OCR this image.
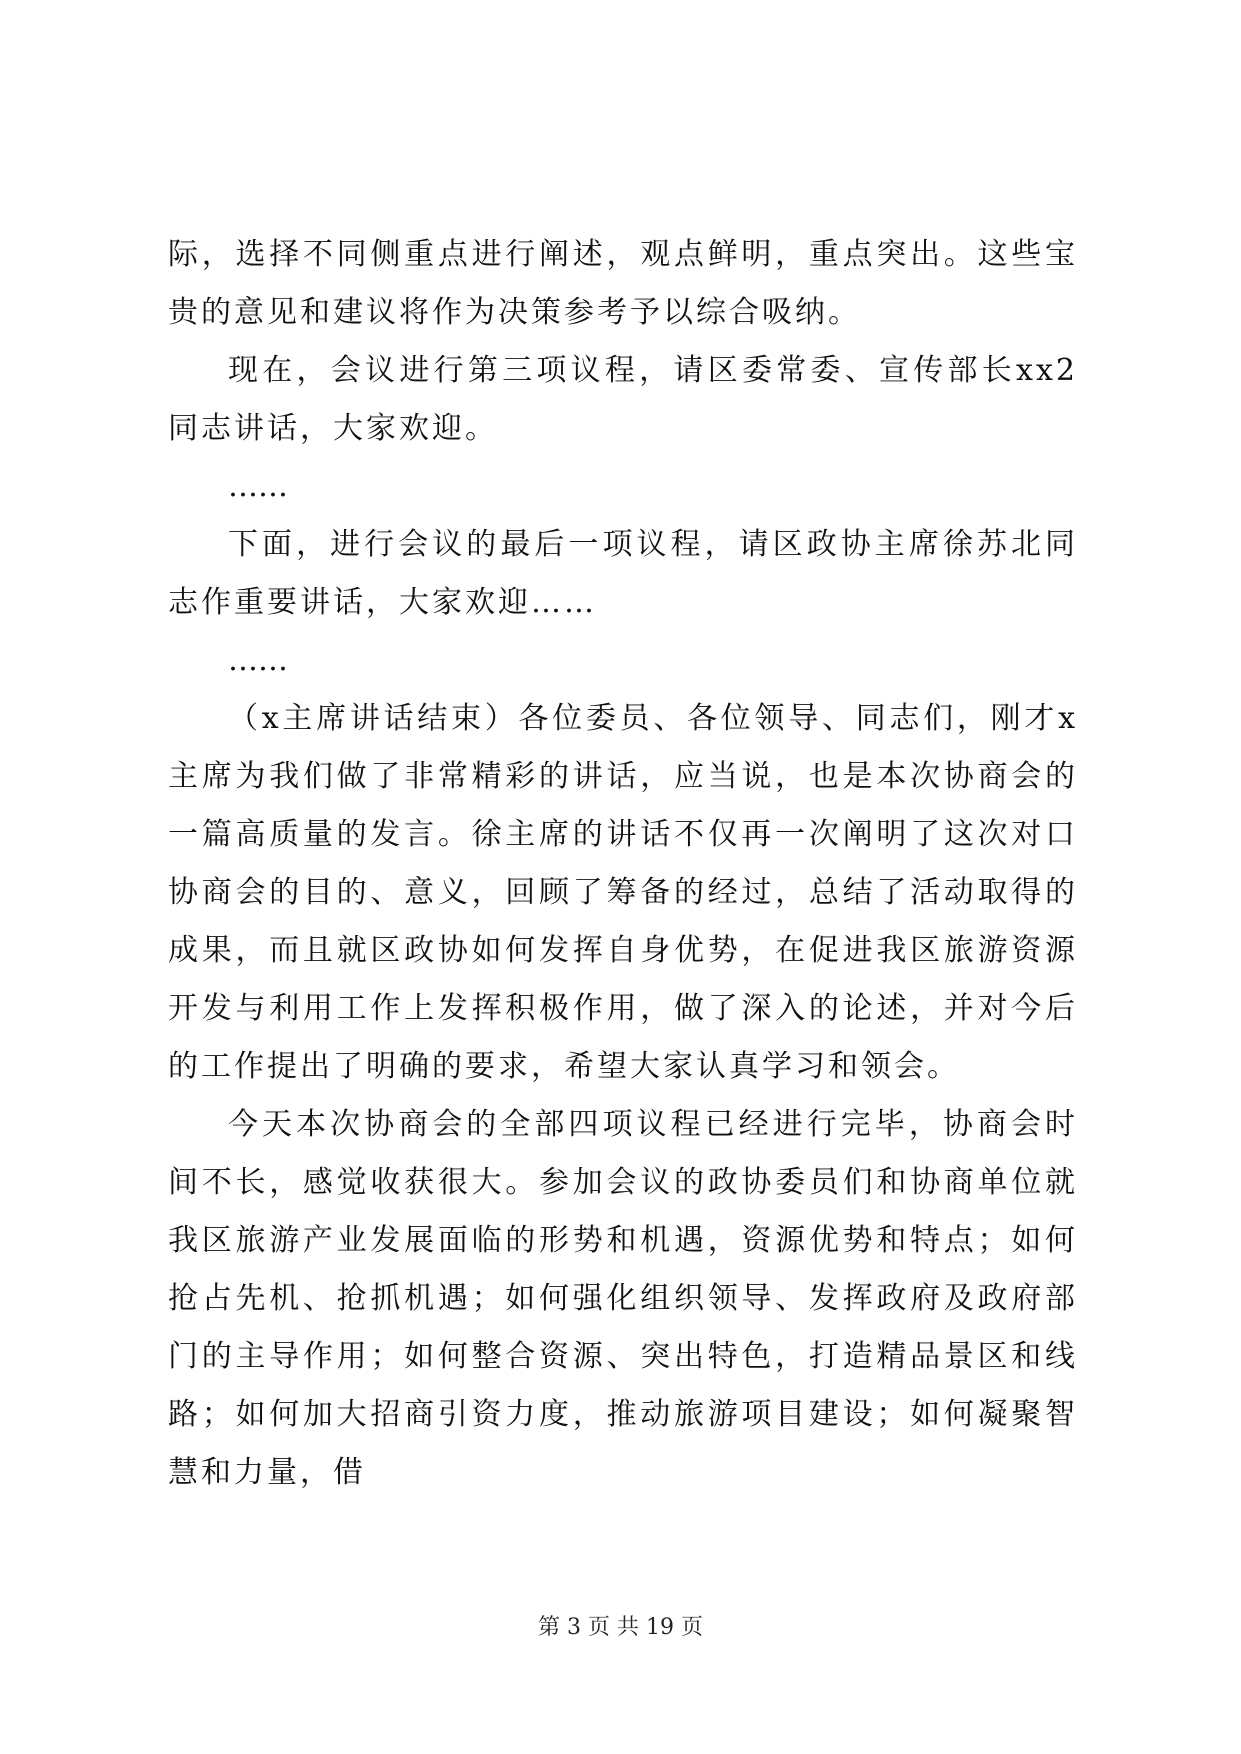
际，选择不同侧重点进行阐述，观点鲜明，重点突出。这些宝贵的意见和建议将作为决策参考予以综合吸纳。

现在，会议进行第三项议程，请区委常委、宣传部长xx2同志讲话，大家欢迎。

……

下面，进行会议的最后一项议程，请区政协主席徐苏北同志作重要讲话，大家欢迎……

……

（x主席讲话结束）各位委员、各位领导、同志们，刚才x主席为我们做了非常精彩的讲话，应当说，也是本次协商会的一篇高质量的发言。徐主席的讲话不仅再一次阐明了这次对口协商会的目的、意义，回顾了筹备的经过，总结了活动取得的成果，而且就区政协如何发挥自身优势，在促进我区旅游资源开发与利用工作上发挥积极作用，做了深入的论述，并对今后的工作提出了明确的要求，希望大家认真学习和领会。

今天本次协商会的全部四项议程已经进行完毕，协商会时间不长，感觉收获很大。参加会议的政协委员们和协商单位就我区旅游产业发展面临的形势和机遇，资源优势和特点；如何抢占先机、抢抓机遇；如何强化组织领导、发挥政府及政府部门的主导作用；如何整合资源、突出特色，打造精品景区和线路；如何加大招商引资力度，推动旅游项目建设；如何凝聚智慧和力量，借

第 3 页 共 19 页
